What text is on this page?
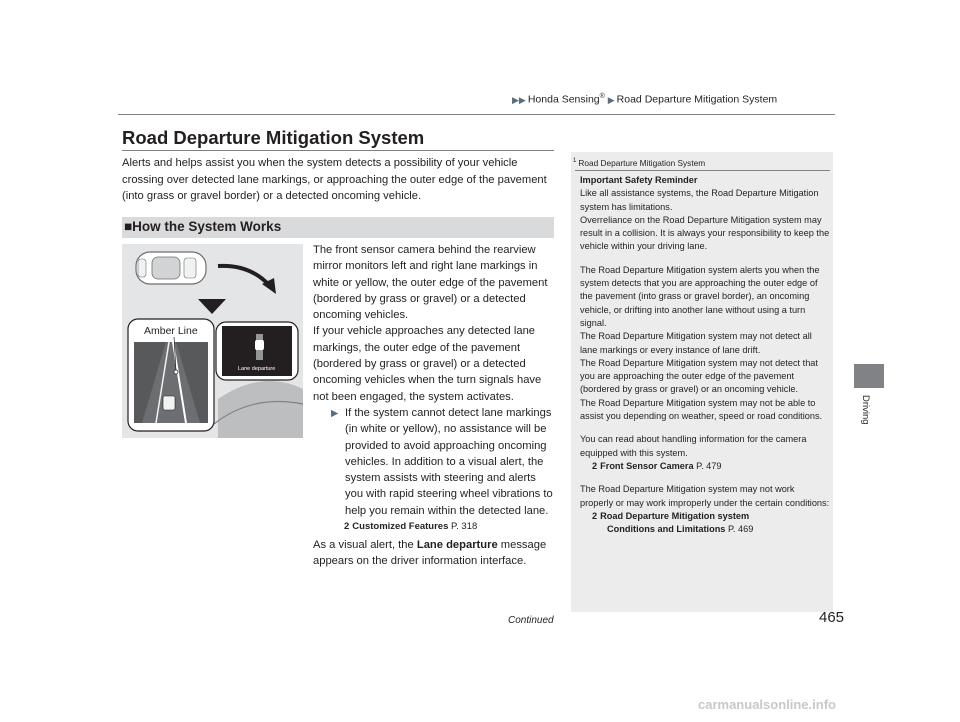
▶▶ Honda Sensing® ▶ Road Departure Mitigation System
Road Departure Mitigation System
Alerts and helps assist you when the system detects a possibility of your vehicle crossing over detected lane markings, or approaching the outer edge of the pavement (into grass or gravel border) or a detected oncoming vehicle.
■How the System Works
Amber Line
Lane departure

The front sensor camera behind the rearview mirror monitors left and right lane markings in white or yellow, the outer edge of the pavement (bordered by grass or gravel) or a detected oncoming vehicles.

If your vehicle approaches any detected lane markings, the outer edge of the pavement (bordered by grass or gravel) or a detected oncoming vehicles when the turn signals have not been engaged, the system activates.

▶ If the system cannot detect lane markings (in white or yellow), no assistance will be provided to avoid approaching oncoming vehicles. In addition to a visual alert, the system assists with steering and alerts you with rapid steering wheel vibrations to help you remain within the detected lane.
2 Customized Features P. 318

As a visual alert, the Lane departure message appears on the driver information interface.

$^1$ Road Departure Mitigation System

Important Safety Reminder

Like all assistance systems, the Road Departure Mitigation system has limitations.

Overreliance on the Road Departure Mitigation system may result in a collision. It is always your responsibility to keep the vehicle within your driving lane.

The Road Departure Mitigation system alerts you when the system detects that you are approaching the outer edge of the pavement (into grass or gravel border), an oncoming vehicle, or drifting into another lane without using a turn signal.

The Road Departure Mitigation system may not detect all lane markings or every instance of lane drift.

The Road Departure Mitigation system may not detect that you are approaching the outer edge of the pavement (bordered by grass or gravel) or an oncoming vehicle.

The Road Departure Mitigation system may not be able to assist you depending on weather, speed or road conditions.

You can read about handling information for the camera equipped with this system.

2 Front Sensor Camera P. 479

The Road Departure Mitigation system may not work properly or may work improperly under the certain conditions:

2 Road Departure Mitigation system

Conditions and Limitations P. 469

Driving
Continued	465
carmanualsonline.info
